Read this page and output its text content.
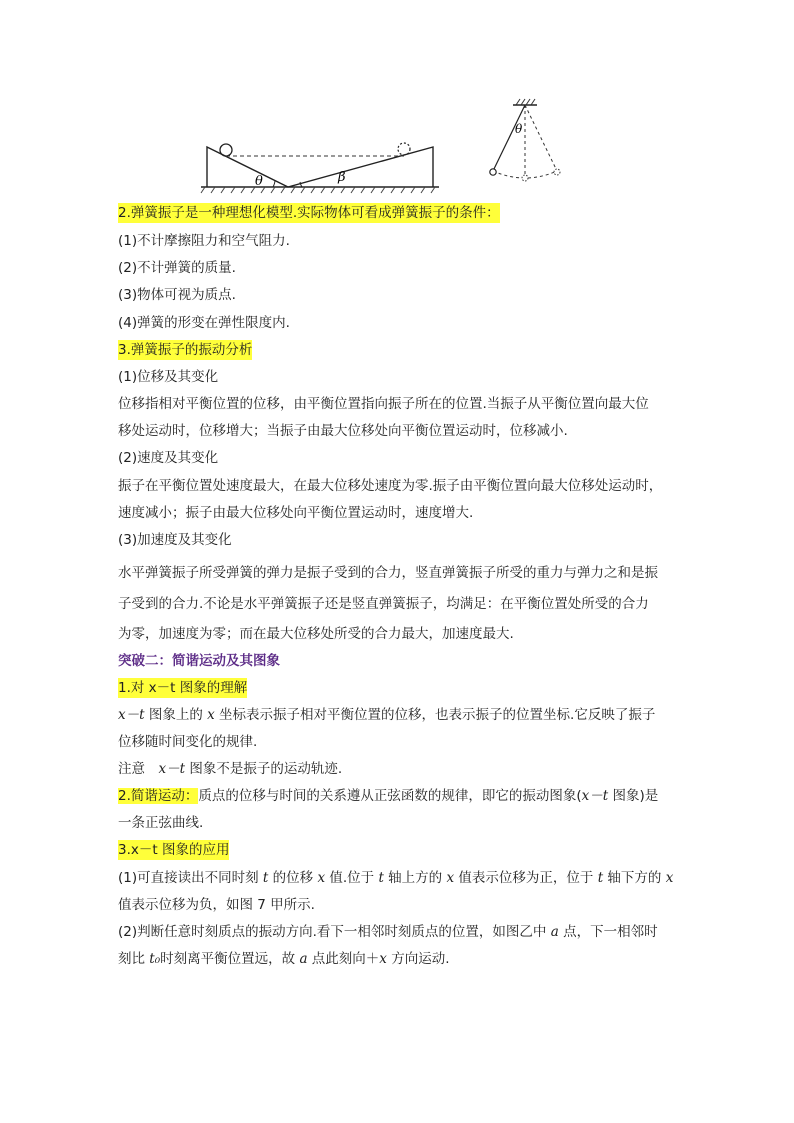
θ	β
θ
2.弹簧振子是一种理想化模型.实际物体可看成弹簧振子的条件：
(1)不计摩擦阻力和空气阻力.
(2)不计弹簧的质量.
(3)物体可视为质点.
(4)弹簧的形变在弹性限度内.
3.弹簧振子的振动分析
(1)位移及其变化
位移指相对平衡位置的位移，由平衡位置指向振子所在的位置.当振子从平衡位置向最大位
移处运动时，位移增大；当振子由最大位移处向平衡位置运动时，位移减小.
(2)速度及其变化
振子在平衡位置处速度最大，在最大位移处速度为零.振子由平衡位置向最大位移处运动时，
速度减小；振子由最大位移处向平衡位置运动时，速度增大.
(3)加速度及其变化
水平弹簧振子所受弹簧的弹力是振子受到的合力，竖直弹簧振子所受的重力与弹力之和是振
子受到的合力.不论是水平弹簧振子还是竖直弹簧振子，均满足：在平衡位置处所受的合力
为零，加速度为零；而在最大位移处所受的合力最大，加速度最大.
突破二：简谐运动及其图象
1.对 x－t 图象的理解
x－t 图象上的 x 坐标表示振子相对平衡位置的位移，也表示振子的位置坐标.它反映了振子
位移随时间变化的规律.
注意　x－t 图象不是振子的运动轨迹.
2.简谐运动：质点的位移与时间的关系遵从正弦函数的规律，即它的振动图象(x－t 图象)是
一条正弦曲线.
3.x－t 图象的应用
(1)可直接读出不同时刻 t 的位移 x 值.位于 t 轴上方的 x 值表示位移为正，位于 t 轴下方的 x
值表示位移为负，如图 7 甲所示.
(2)判断任意时刻质点的振动方向.看下一相邻时刻质点的位置，如图乙中 a 点，下一相邻时
刻比 t₀时刻离平衡位置远，故 a 点此刻向＋x 方向运动.
